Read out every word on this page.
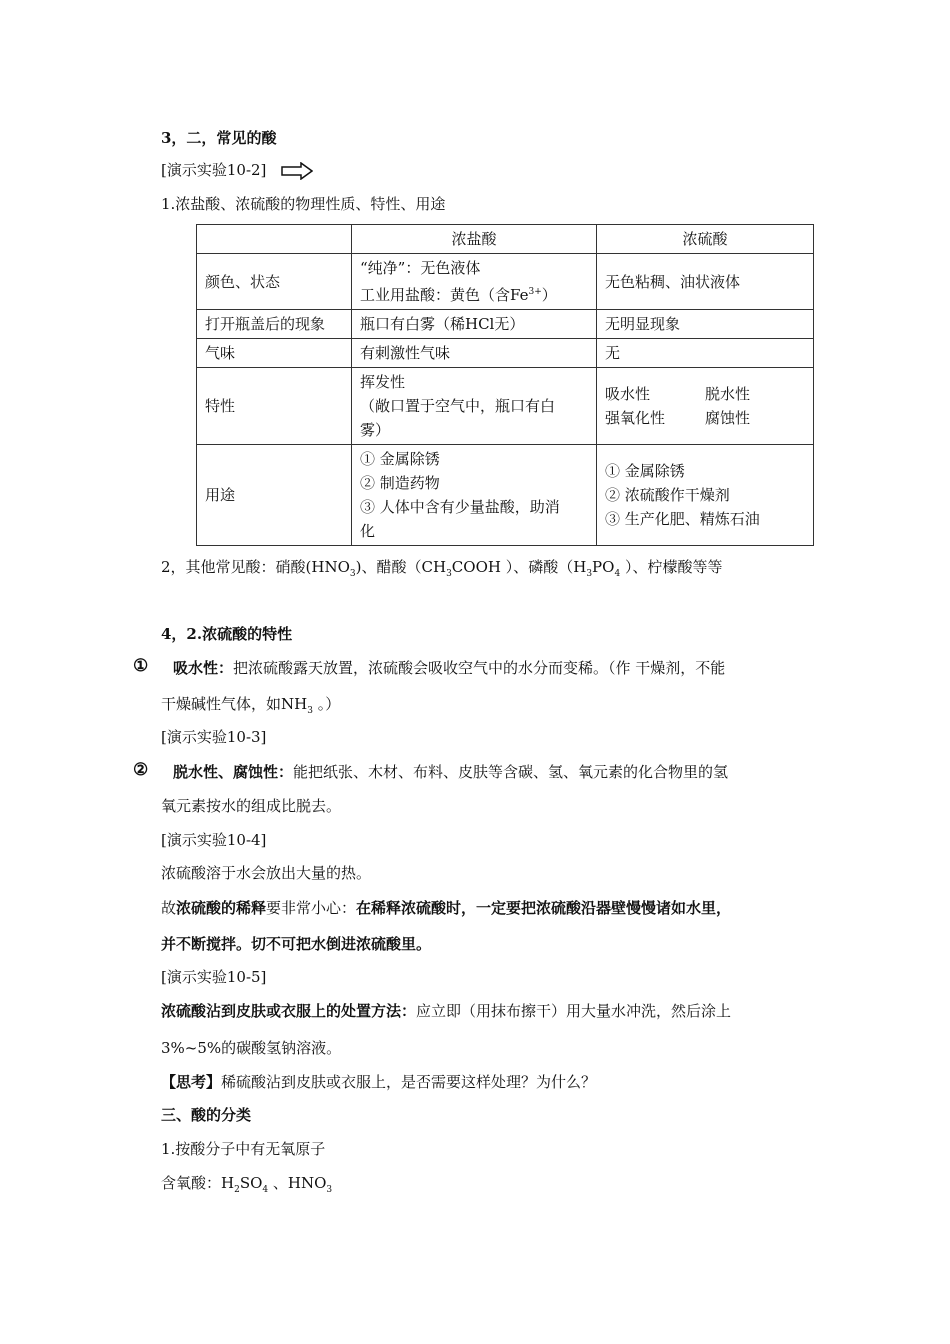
3，二，常见的酸
[演示实验10-2]
1.浓盐酸、浓硫酸的物理性质、特性、用途
	浓盐酸	浓硫酸
颜色、状态	“纯净”：无色液体
工业用盐酸：黄色（含$Fe^{3+}$）	无色粘稠、油状液体
打开瓶盖后的现象	瓶口有白雾（稀HCl无）	无明显现象
气味	有刺激性气味	无
特性	挥发性
（敞口置于空气中，瓶口有白
雾）	吸水性 脱水性
强氧化性 腐蚀性

用途	① 金属除锈
② 制造药物
③ 人体中含有少量盐酸，助消
化	① 金属除锈
② 浓硫酸作干燥剂
③ 生产化肥、精炼石油
2，其他常见酸：硝酸$(HNO_3)$、醋酸（$CH_3COOH$ ）、磷酸（$H_3PO_4$ ）、柠檬酸等等
4，2.浓硫酸的特性
① 吸水性：把浓硫酸露天放置，浓硫酸会吸收空气中的水分而变稀。（作 干燥剂，不能
干燥碱性气体，如$NH_3$ 。）
[演示实验10-3]
② 脱水性、腐蚀性：能把纸张、木材、布料、皮肤等含碳、氢、氧元素的化合物里的氢
氧元素按水的组成比脱去。
[演示实验10-4]
浓硫酸溶于水会放出大量的热。
故浓硫酸的稀释要非常小心：在稀释浓硫酸时，一定要把浓硫酸沿器壁慢慢诸如水里，
并不断搅拌。切不可把水倒进浓硫酸里。
[演示实验10-5]
浓硫酸沾到皮肤或衣服上的处置方法：应立即（用抹布擦干）用大量水冲洗，然后涂上
3%~5%的碳酸氢钠溶液。
【思考】稀硫酸沾到皮肤或衣服上，是否需要这样处理？为什么？
三、酸的分类
1.按酸分子中有无氧原子
含氧酸：$H_2SO_4$ 、$HNO_3$
